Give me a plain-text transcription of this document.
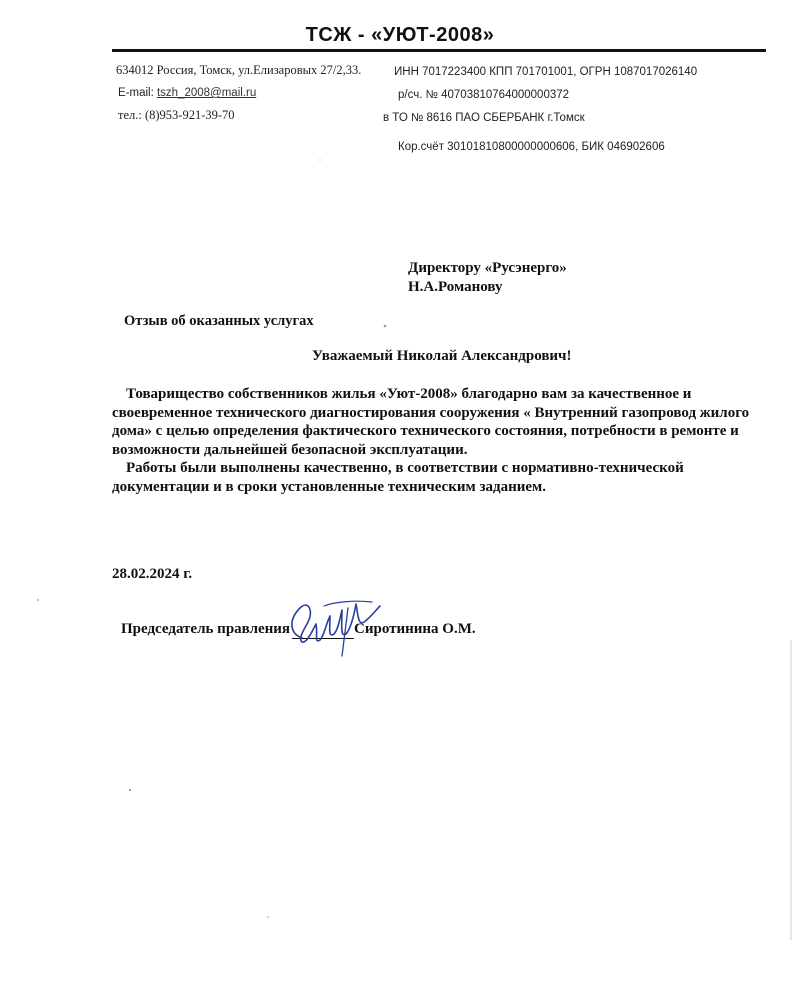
ТСЖ - «УЮТ-2008»
634012 Россия, Томск, ул.Елизаровых 27/2,33.
E-mail: tszh_2008@mail.ru
тел.: (8)953-921-39-70
ИНН 7017223400 КПП 701701001, ОГРН 1087017026140
р/сч. № 40703810764000000372
в ТО № 8616 ПАО СБЕРБАНК г.Томск
Кор.счёт 30101810800000000606, БИК 046902606
Директору «Русэнерго»
Н.А.Романову
Отзыв об оказанных услугах
Уважаемый Николай Александрович!

Товарищество собственников жилья «Уют-2008» благодарно вам за качественное и своевременное технического диагностирования сооружения « Внутренний газопровод жилого дома» с целью определения фактического технического состояния, потребности в ремонте и возможности дальнейшей безопасной эксплуатации.

Работы были выполнены качественно, в соответствии с нормативно-технической документации и в сроки установленные техническим заданием.

28.02.2024 г.
Председатель правления	Сиротинина О.М.
